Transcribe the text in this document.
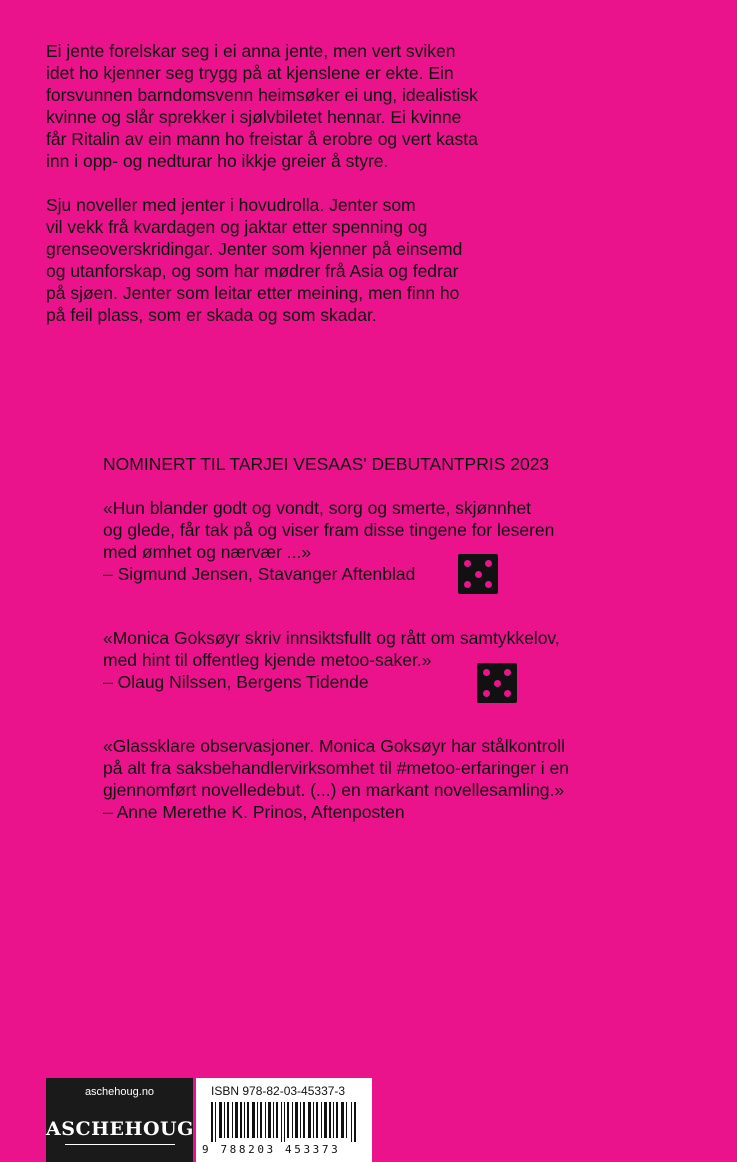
Ei jente forelskar seg i ei anna jente, men vert sviken
idet ho kjenner seg trygg på at kjenslene er ekte. Ein
forsvunnen barndomsvenn heimsøker ei ung, idealistisk
kvinne og slår sprekker i sjølvbiletet hennar. Ei kvinne
får Ritalin av ein mann ho freistar å erobre og vert kasta
inn i opp- og nedturar ho ikkje greier å styre.

Sju noveller med jenter i hovudrolla. Jenter som
vil vekk frå kvardagen og jaktar etter spenning og
grenseoverskridingar. Jenter som kjenner på einsemd
og utanforskap, og som har mødrer frå Asia og fedrar
på sjøen. Jenter som leitar etter meining, men finn ho
på feil plass, som er skada og som skadar.

NOMINERT TIL TARJEI VESAAS' DEBUTANTPRIS 2023

«Hun blander godt og vondt, sorg og smerte, skjønnhet
og glede, får tak på og viser fram disse tingene for leseren
med ømhet og nærvær ...»
– Sigmund Jensen, Stavanger Aftenblad

«Monica Goksøyr skriv innsiktsfullt og rått om samtykkelov,
med hint til offentleg kjende metoo-saker.»
– Olaug Nilssen, Bergens Tidende

«Glassklare observasjoner. Monica Goksøyr har stålkontroll
på alt fra saksbehandlervirksomhet til #metoo-erfaringer i en
gjennomført novelledebut. (...) en markant novellesamling.»
– Anne Merethe K. Prinos, Aftenposten

aschehoug.no
ASCHEHOUG
ISBN 978-82-03-45337-3
9 788203 453373
